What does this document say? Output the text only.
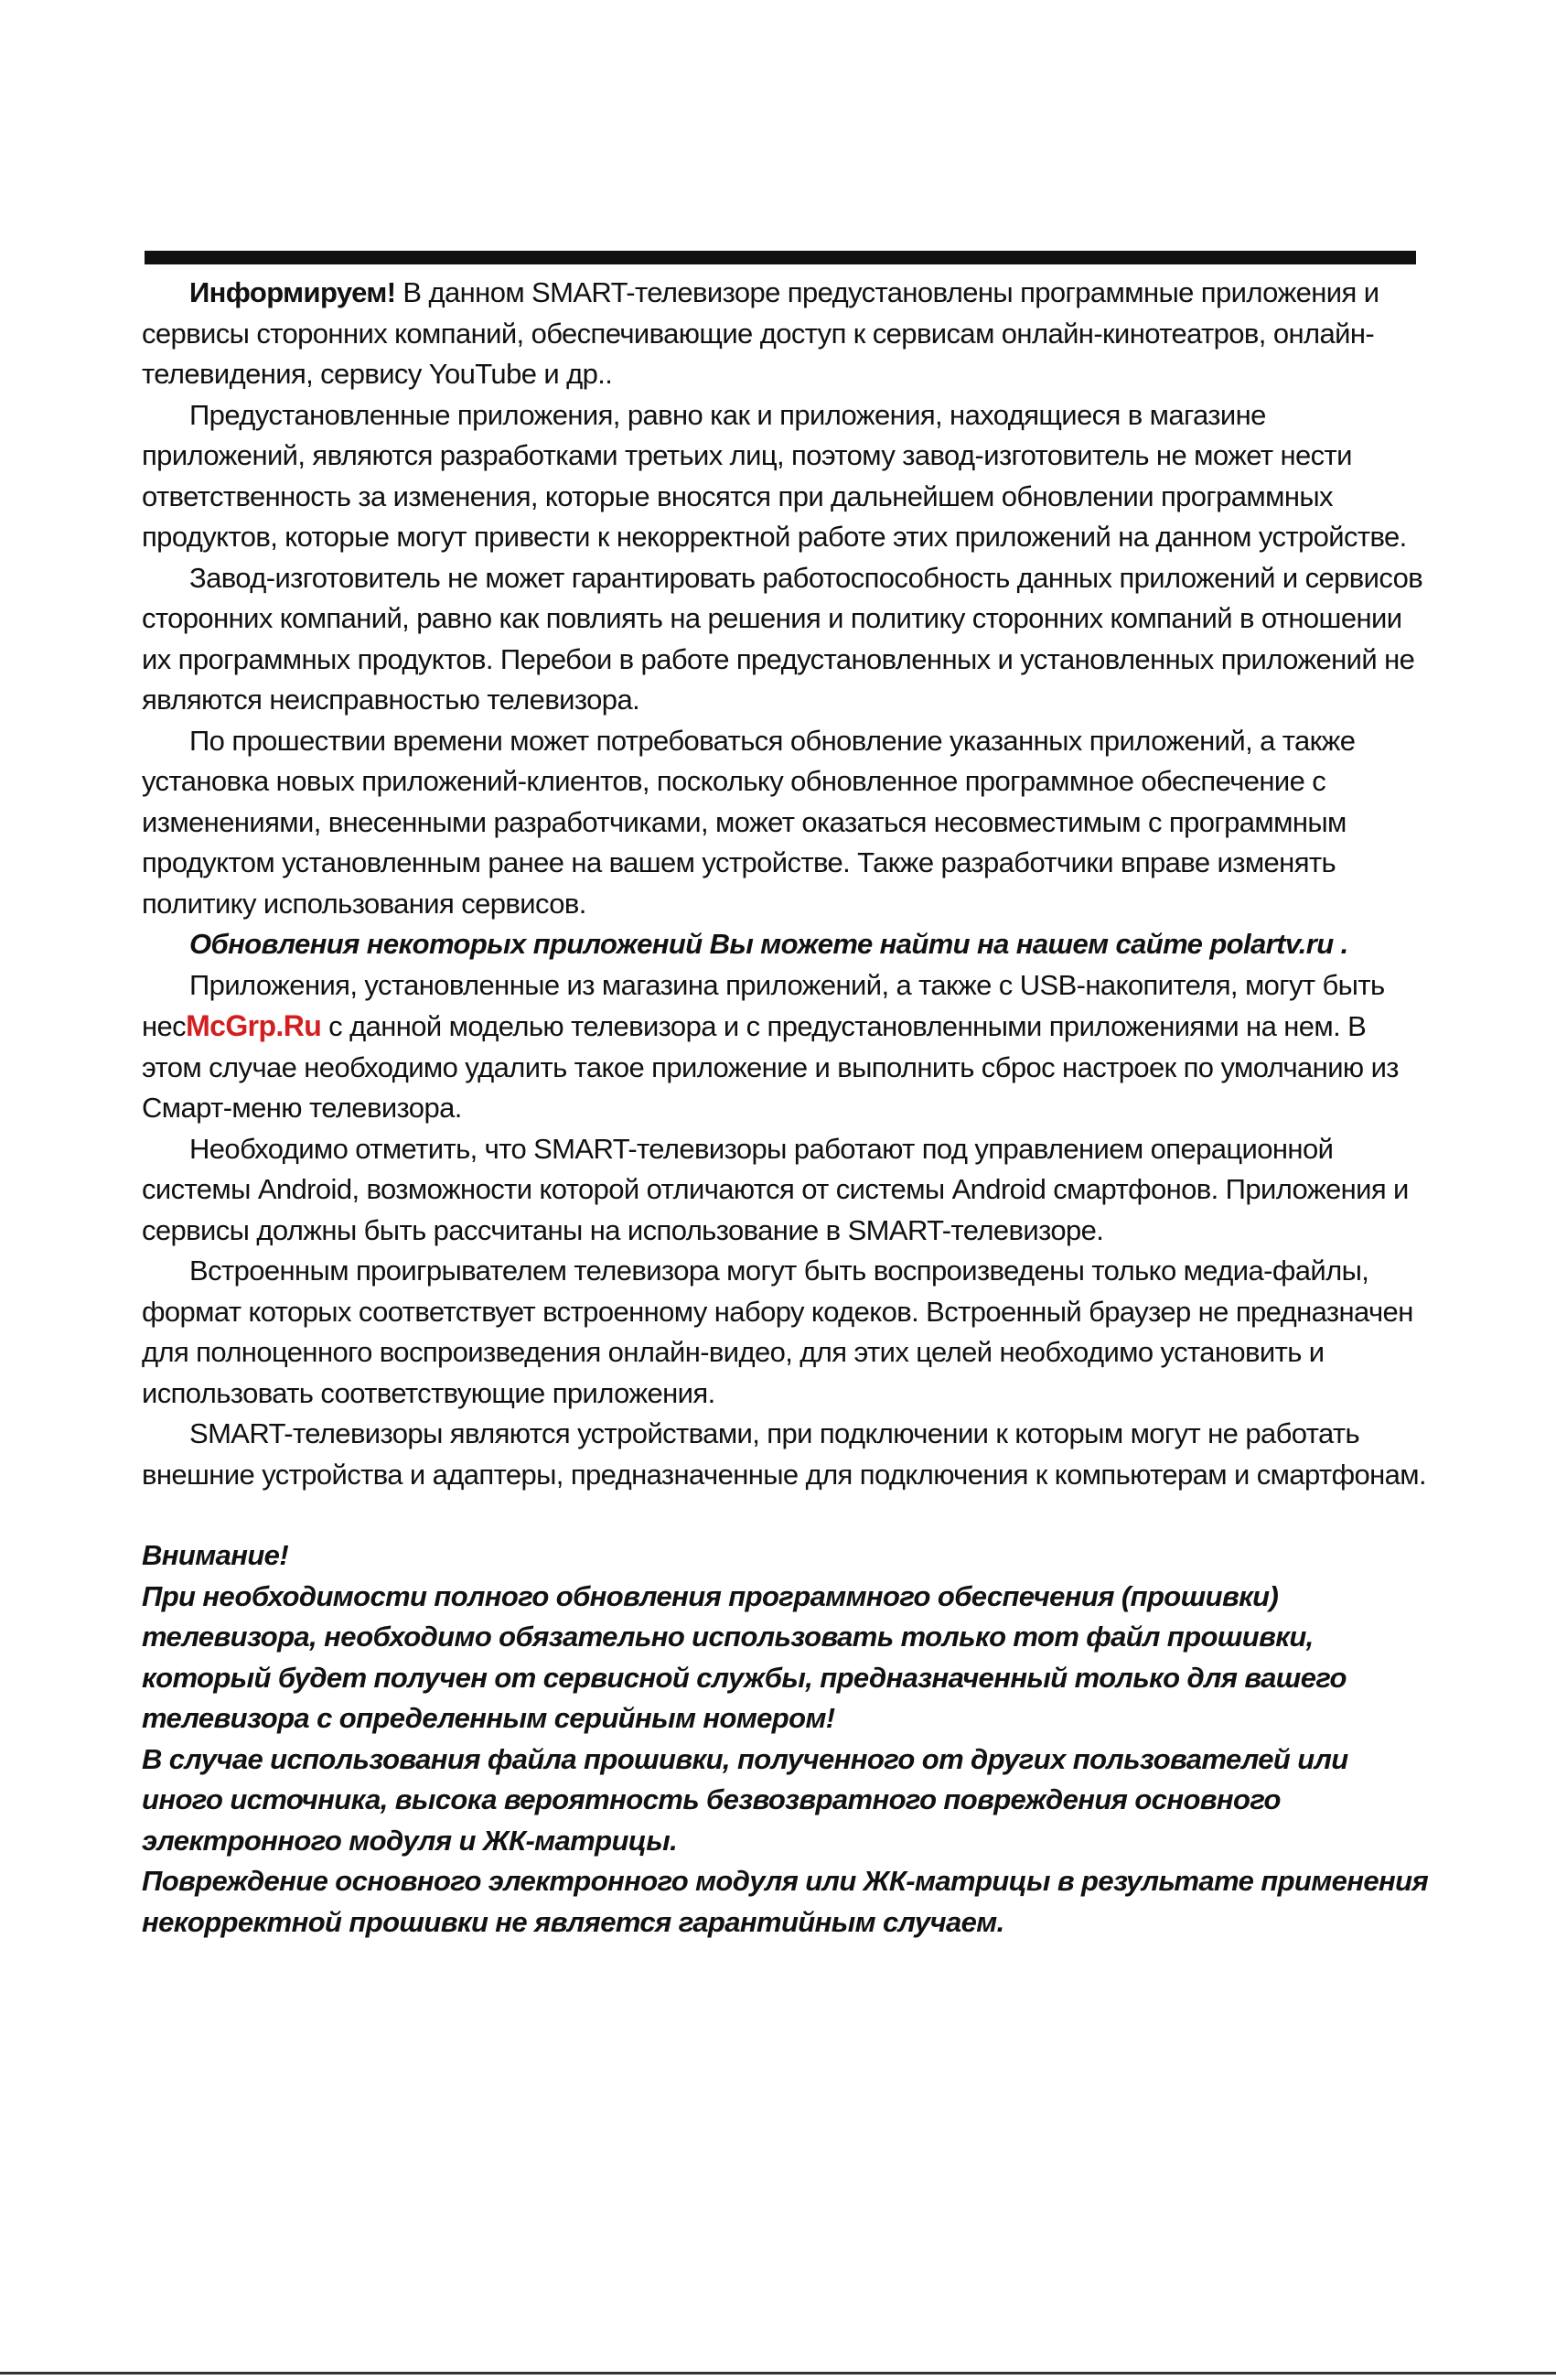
Информируем! В данном SMART-телевизоре предустановлены программные приложения и сервисы сторонних компаний, обеспечивающие доступ к сервисам онлайн-кинотеатров, онлайн-телевидения, сервису YouTube и др..

Предустановленные приложения, равно как и приложения, находящиеся в магазине приложений, являются разработками третьих лиц, поэтому завод-изготовитель не может нести ответственность за изменения, которые вносятся при дальнейшем обновлении программных продуктов, которые могут привести к некорректной работе этих приложений на данном устройстве.

Завод-изготовитель не может гарантировать работоспособность данных приложений и сервисов сторонних компаний, равно как повлиять на решения и политику сторонних компаний в отношении их программных продуктов. Перебои в работе предустановленных и установленных приложений не являются неисправностью телевизора.

По прошествии времени может потребоваться обновление указанных приложений, а также установка новых приложений-клиентов, поскольку обновленное программное обеспечение с изменениями, внесенными разработчиками, может оказаться несовместимым с программным продуктом установленным ранее на вашем устройстве. Также разработчики вправе изменять политику использования сервисов.

Обновления некоторых приложений Вы можете найти на нашем сайте polartv.ru .

Приложения, установленные из магазина приложений, а также с USB-накопителя, могут быть несMcGrp.Ru с данной моделью телевизора и с предустановленными приложениями на нем. В этом случае необходимо удалить такое приложение и выполнить сброс настроек по умолчанию из Смарт-меню телевизора.

Необходимо отметить, что SMART-телевизоры работают под управлением операционной системы Android, возможности которой отличаются от системы Android смартфонов. Приложения и сервисы должны быть рассчитаны на использование в SMART-телевизоре.

Встроенным проигрывателем телевизора могут быть воспроизведены только медиа-файлы, формат которых соответствует встроенному набору кодеков. Встроенный браузер не предназначен для полноценного воспроизведения онлайн-видео, для этих целей необходимо установить и использовать соответствующие приложения.

SMART-телевизоры являются устройствами, при подключении к которым могут не работать внешние устройства и адаптеры, предназначенные для подключения к компьютерам и смартфонам.

Внимание!

При необходимости полного обновления программного обеспечения (прошивки) телевизора, необходимо обязательно использовать только тот файл прошивки, который будет получен от сервисной службы, предназначенный только для вашего телевизора с определенным серийным номером!

В случае использования файла прошивки, полученного от других пользователей или иного источника, высока вероятность безвозвратного повреждения основного электронного модуля и ЖК-матрицы.

Повреждение основного электронного модуля или ЖК-матрицы в результате применения некорректной прошивки не является гарантийным случаем.
